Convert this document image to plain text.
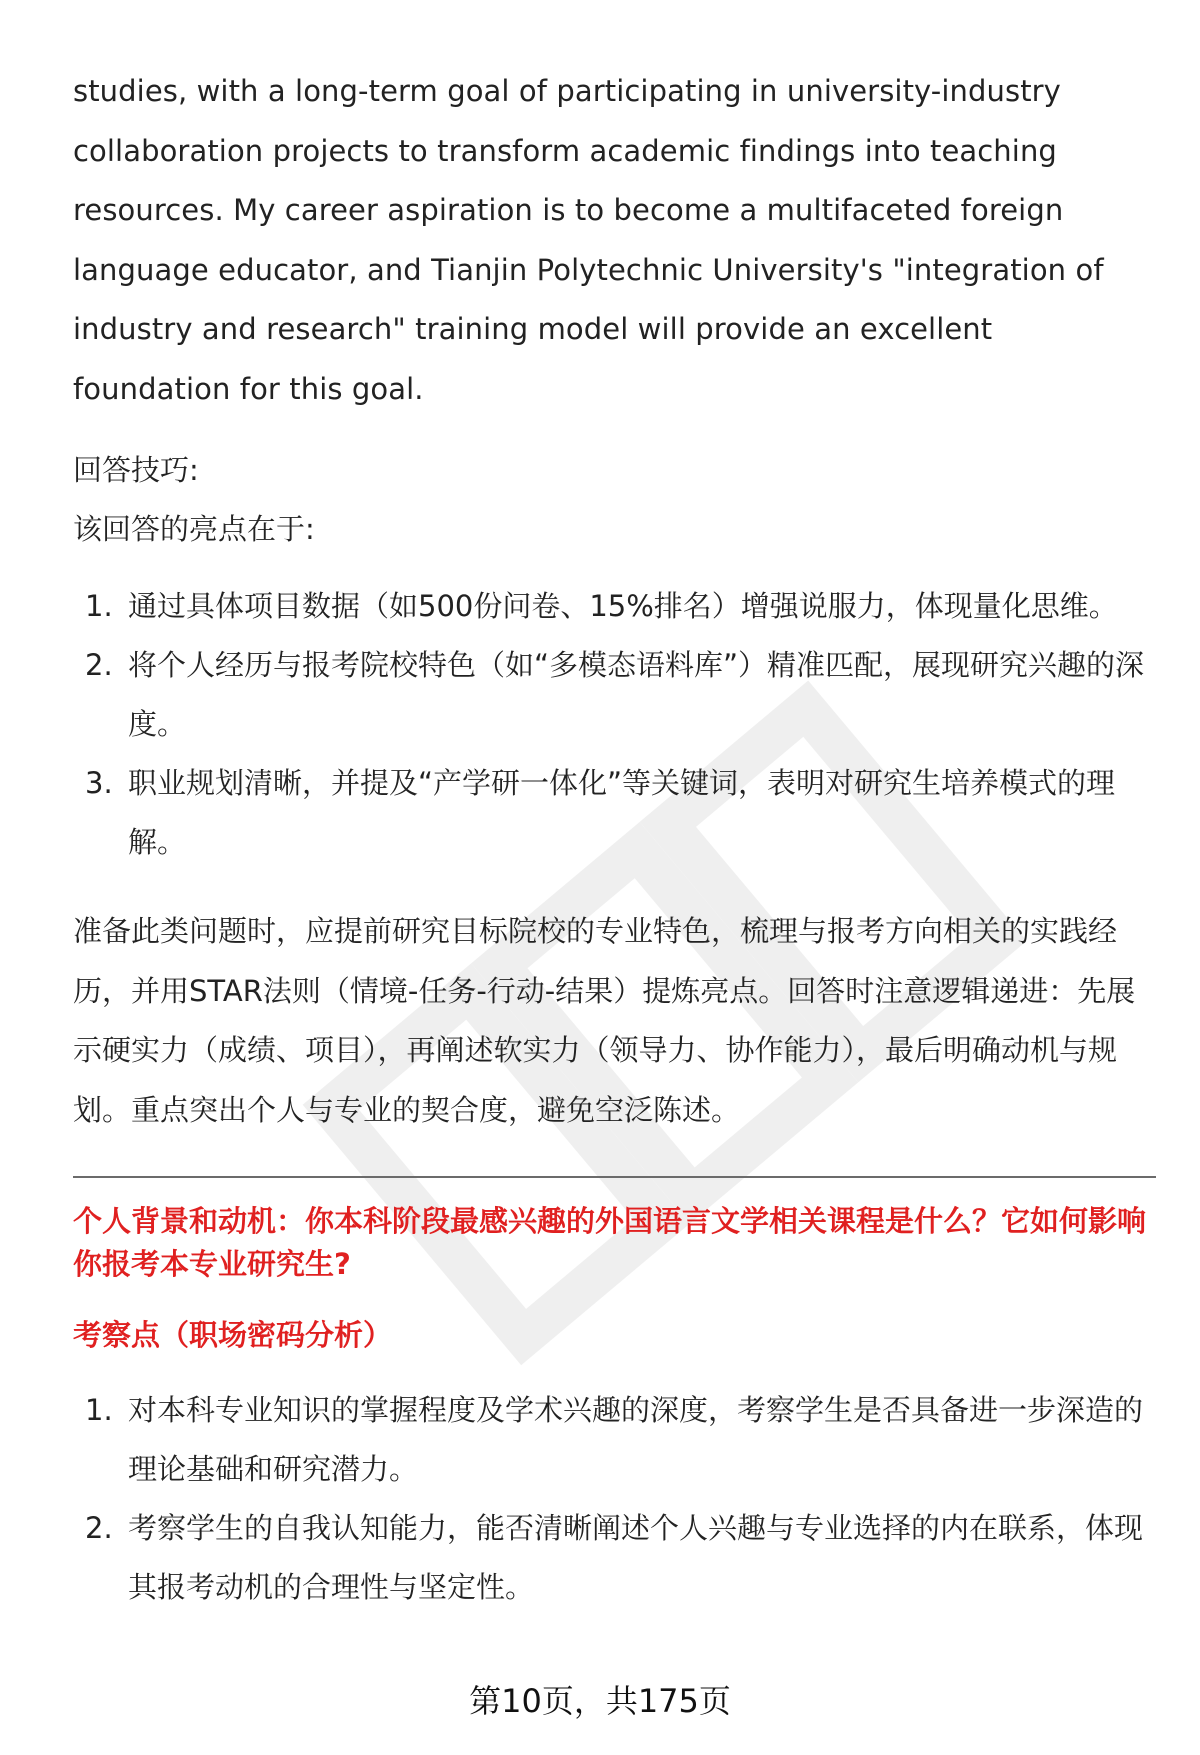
studies, with a long-term goal of participating in university-industry collaboration projects to transform academic findings into teaching resources. My career aspiration is to become a multifaceted foreign language educator, and Tianjin Polytechnic University's "integration of industry and research" training model will provide an excellent foundation for this goal.

回答技巧:
该回答的亮点在于:
1. 通过具体项目数据（如500份问卷、15%排名）增强说服力，体现量化思维。
2. 将个人经历与报考院校特色（如“多模态语料库”）精准匹配，展现研究兴趣的深度。
3. 职业规划清晰，并提及“产学研一体化”等关键词，表明对研究生培养模式的理解。

准备此类问题时，应提前研究目标院校的专业特色，梳理与报考方向相关的实践经历，并用STAR法则（情境-任务-行动-结果）提炼亮点。回答时注意逻辑递进：先展示硬实力（成绩、项目），再阐述软实力（领导力、协作能力），最后明确动机与规划。重点突出个人与专业的契合度，避免空泛陈述。

个人背景和动机：你本科阶段最感兴趣的外国语言文学相关课程是什么？它如何影响你报考本专业研究生?
考察点（职场密码分析）
1. 对本科专业知识的掌握程度及学术兴趣的深度，考察学生是否具备进一步深造的理论基础和研究潜力。
2. 考察学生的自我认知能力，能否清晰阐述个人兴趣与专业选择的内在联系，体现其报考动机的合理性与坚定性。
第10页，共175页
